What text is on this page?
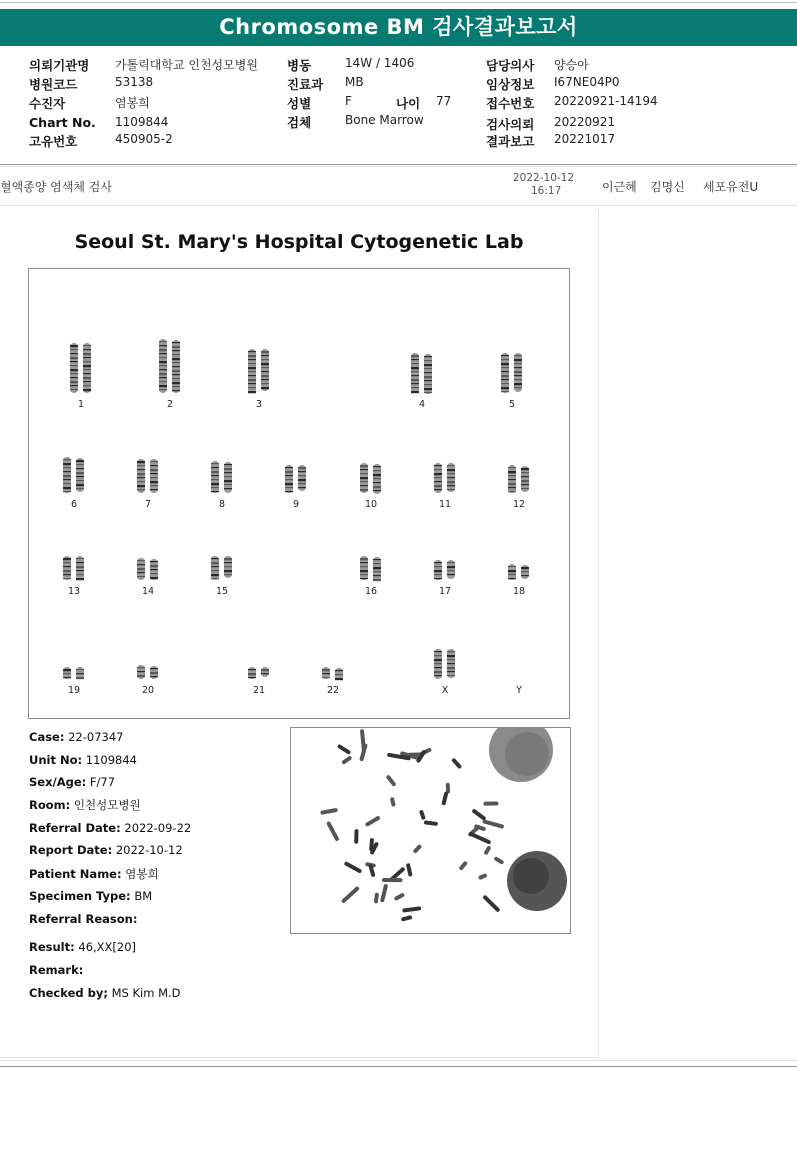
Chromosome BM 검사결과보고서
의뢰기관명 가톨릭대학교 인천성모병원
병원코드	53138
수진자	염봉희
Chart No. 1109844
고유번호	450905-2
병동	14W / 1406
진료과 MB
성별	F	나이 77
검체	Bone Marrow
담당의사 양승아
임상정보 I67NE04P0
접수번호 20220921-14194
검사의뢰 20220921
결과보고 20221017
혈액종양 염색체 검사
2022-10-12
16:17	이근혜 김명신 세포유전U
Seoul St. Mary's Hospital Cytogenetic Lab
1	2	3	4	5
6	7	8	9	10	11	12
13	14	15	16	17	18
19	20	21	22	X	Y
Case: 22-07347
Unit No: 1109844
Sex/Age: F/77
Room: 인천성모병원
Referral Date: 2022-09-22
Report Date: 2022-10-12
Patient Name: 염봉희
Specimen Type: BM
Referral Reason:
Result: 46,XX[20]
Remark:
Checked by; MS Kim M.D
